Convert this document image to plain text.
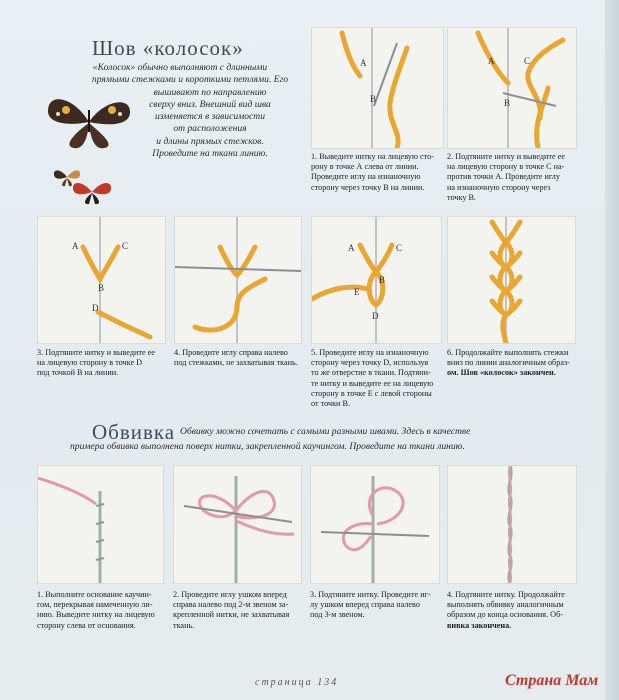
Шов «колосок»
«Колосок» обычно выполняют с длинными
прямыми стежками и короткими петлями. Его
вышивают по направлению
сверху вниз. Внешний вид шва
изменяется в зависимости
от расположения
и длины прямых стежков.
Проведите на ткани линию.
A
B
A	C
B
A	C
B
D
A	C
B
E
D
1. Выведите нитку на лицевую сто-
рону в точке А слева от линии.
Проведите иглу на изнаночную
сторону через точку В на линии.
2. Подтяните нитку и выведите ее
на лицевую сторону в точке С на-
против точки А. Проведите иглу
на изнаночную сторону через
точку В.
3. Подтяните нитку и выведите ее
на лицевую сторону в точке D
под точкой В на линии.
4. Проведите иглу справа налево
под стежками, не захватывая ткань.
5. Проведите иглу на изнаночную
сторону через точку D, используя
то же отверстие в ткани. Подтяни-
те нитку и выведите ее на лицевую
сторону в точке Е с левой стороны
от точки В.
6. Продолжайте выполнять стежки
вниз по линии аналогичным образ-
ом. Шов «колосок» закончен.
Обвивка Обвивку можно сочетать с самыми разными швами. Здесь в качестве
примера обвивка выполнена поверх нитки, закрепленной каучингом. Проведите на ткани линию.
1. Выполните основание каучин-
гом, перекрывая намеченную ли-
нию. Выведите нитку на лицевую
сторону слева от основания.
2. Проведите иглу ушком вперед
справа налево под 2-м звеном за-
крепленной нитки, не захватывая
ткань.
3. Подтяните нитку. Проведите иг-
лу ушком вперед справа налево
под 3-м звеном.
4. Подтяните нитку. Продолжайте
выполнять обвивку аналогичным
образом до конца основания. Об-
вивка закончена.
страница 134	Страна Мам
